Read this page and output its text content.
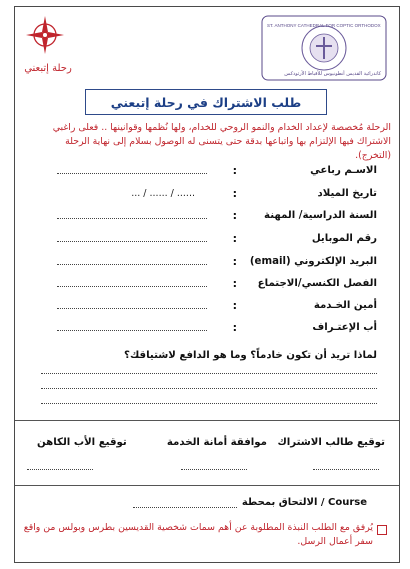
رحلة إتبعني
ST. ANTHONY CATHEDRAL FOR COPTIC ORTHODOX
كاتدرائية القديس أنطونيوس للأقباط الأرثوذكس
طلب الاشتراك في رحلة إتبعني
الرحلة مُخصصة لإعداد الخدام والنمو الروحي للخدام، ولها نُظمها وقوانينها .. فعلى راغبي الاشتراك فيها الإلتزام بها واتباعها بدقة حتى يتسنى له الوصول بسلام إلى نهاية الرحلة (التخرج).
الاسـم رباعي
:
تاريخ الميلاد
:
...... / ...... / ...
السنة الدراسية/ المهنة
:
رقم الموبايل
:
البريد الإلكتروني (email)
:
الفصل الكنسي/الاجتماع
:
أمين الخـدمة
:
أب الإعتـراف
:
لماذا تريد أن تكون خادماً؟ وما هو الدافع لاشتياقك؟
توقيع طالب الاشتراك
موافقة أمانة الخدمة
توقيع الأب الكاهن
الالتحاق بمحطة / Course
يُرفق مع الطلب النبذة المطلوبة عن أهم سمات شخصية القديسين بطرس وبولس من واقع سفر أعمال الرسل.
